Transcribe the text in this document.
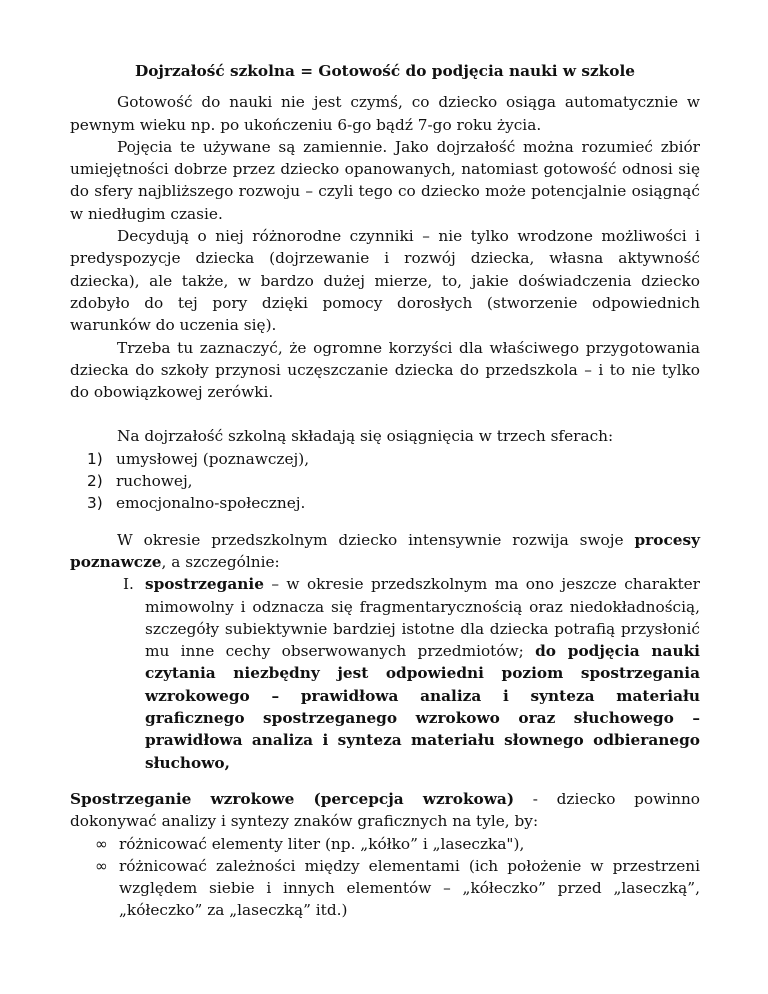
Dojrzałość szkolna = Gotowość do podjęcia nauki w szkole

Gotowość do nauki nie jest czymś, co dziecko osiąga automatycznie w pewnym wieku np. po ukończeniu 6-go bądź 7-go roku życia.

Pojęcia te używane są zamiennie. Jako dojrzałość można rozumieć zbiór umiejętności dobrze przez dziecko opanowanych, natomiast gotowość odnosi się do sfery najbliższego rozwoju – czyli tego co dziecko może potencjalnie osiągnąć w niedługim czasie.

Decydują o niej różnorodne czynniki – nie tylko wrodzone możliwości i predyspozycje dziecka (dojrzewanie i rozwój dziecka, własna aktywność dziecka), ale także, w bardzo dużej mierze, to, jakie doświadczenia dziecko zdobyło do tej pory dzięki pomocy dorosłych (stworzenie odpowiednich warunków do uczenia się).

Trzeba tu zaznaczyć, że ogromne korzyści dla właściwego przygotowania dziecka do szkoły przynosi uczęszczanie dziecka do przedszkola – i to nie tylko do obowiązkowej zerówki.

Na dojrzałość szkolną składają się osiągnięcia w trzech sferach:

1) umysłowej (poznawczej),
2) ruchowej,
3) emocjonalno-społecznej.

W okresie przedszkolnym dziecko intensywnie rozwija swoje procesy poznawcze, a szczególnie:

I. spostrzeganie – w okresie przedszkolnym ma ono jeszcze charakter mimowolny i odznacza się fragmentarycznością oraz niedokładnością, szczegóły subiektywnie bardziej istotne dla dziecka potrafią przysłonić mu inne cechy obserwowanych przedmiotów; do podjęcia nauki czytania niezbędny jest odpowiedni poziom spostrzegania wzrokowego – prawidłowa analiza i synteza materiału graficznego spostrzeganego wzrokowo oraz słuchowego – prawidłowa analiza i synteza materiału słownego odbieranego słuchowo,

Spostrzeganie wzrokowe (percepcja wzrokowa) - dziecko powinno dokonywać analizy i syntezy znaków graficznych na tyle, by:

∞ różnicować elementy liter (np. „kółko” i „laseczka"),
∞ różnicować zależności między elementami (ich położenie w przestrzeni względem siebie i innych elementów – „kółeczko” przed „laseczką”, „kółeczko” za „laseczką” itd.)
